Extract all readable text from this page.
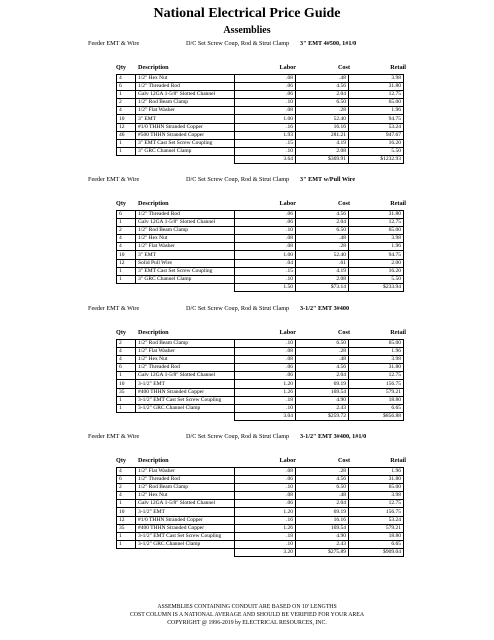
National Electrical Price Guide
Assemblies
Feeder EMT & Wire	D/C Set Screw Coup, Rod & Strut Clamp	3" EMT 4#500, 1#1/0
Qty Description	Labor	Cost	Retail
4	1/2" Hex Nut	.08	.48	3.98
6	1/2" Threaded Rod	.06	4.56	31.80
1	Galv 12GA 1-5/8" Slotted Channel	.06	2.04	12.75
2	1/2" Rod Beam Clamp	.10	6.50	65.00
4	1/2" Flat Washer	.08	.28	1.96
10	3" EMT	1.00	52.40	94.75
12	#1/0 THHN Stranded Copper	.16	16.16	53.24
46	#500 THHN Stranded Copper	1.93	281.21	947.67
1	3" EMT Cast Set Screw Coupling	.15	4.19	16.20
1	3" GRC Channel Clamp	.10	2.08	5.50
		3.64	$369.91	$1232.93
Feeder EMT & Wire	D/C Set Screw Coup, Rod & Strut Clamp	3" EMT w/Pull Wire
Qty Description	Labor	Cost	Retail
6	1/2" Threaded Rod	.06	4.56	31.80
1	Galv 12GA 1-5/8" Slotted Channel	.06	2.04	12.75
2	1/2" Rod Beam Clamp	.10	6.50	65.00
4	1/2" Hex Nut	.08	.48	3.98
4	1/2" Flat Washer	.08	.28	1.96
10	3" EMT	1.00	52.40	94.75
12	Solid Pull Wire	.04	.61	2.00
1	3" EMT Cast Set Screw Coupling	.15	4.19	16.20
1	3" GRC Channel Clamp	.10	2.08	5.50
		1.50	$73.14	$233.94
Feeder EMT & Wire	D/C Set Screw Coup, Rod & Strut Clamp	3-1/2" EMT 3#400
Qty Description	Labor	Cost	Retail
2	1/2" Rod Beam Clamp	.10	6.50	65.00
4	1/2" Flat Washer	.08	.28	1.96
4	1/2" Hex Nut	.08	.48	3.98
6	1/2" Threaded Rod	.06	4.56	31.80
1	Galv 12GA 1-5/8" Slotted Channel	.06	2.04	12.75
10	3-1/2" EMT	1.20	69.19	156.75
35	#400 THHN Stranded Copper	1.26	169.54	579.21
1	3-1/2" EMT Cast Set Screw Coupling	.18	4.90	18.80
1	3-1/2" GRC Channel Clamp	.10	2.43	6.65
		3.04	$259.72	$856.88
Feeder EMT & Wire	D/C Set Screw Coup, Rod & Strut Clamp	3-1/2" EMT 3#400, 1#1/0
Qty Description	Labor	Cost	Retail
4	1/2" Flat Washer	.08	.28	1.96
6	1/2" Threaded Rod	.06	4.56	31.80
2	1/2" Rod Beam Clamp	.10	6.50	65.00
4	1/2" Hex Nut	.08	.48	3.98
1	Galv 12GA 1-5/8" Slotted Channel	.06	2.04	12.75
10	3-1/2" EMT	1.20	69.19	156.75
12	#1/0 THHN Stranded Copper	.16	16.16	53.24
35	#400 THHN Stranded Copper	1.26	169.54	579.21
1	3-1/2" EMT Cast Set Screw Coupling	.18	4.90	18.80
1	3-1/2" GRC Channel Clamp	.10	2.43	6.65
		3.20	$275.89	$909.04
ASSEMBLIES CONTAINING CONDUIT ARE BASED ON 10' LENGTHS
COST COLUMN IS A NATIONAL AVERAGE AND SHOULD BE VERIFIED FOR YOUR AREA
COPYRIGHT @ 1996-2019 by ELECTRICAL RESOURCES, INC.
